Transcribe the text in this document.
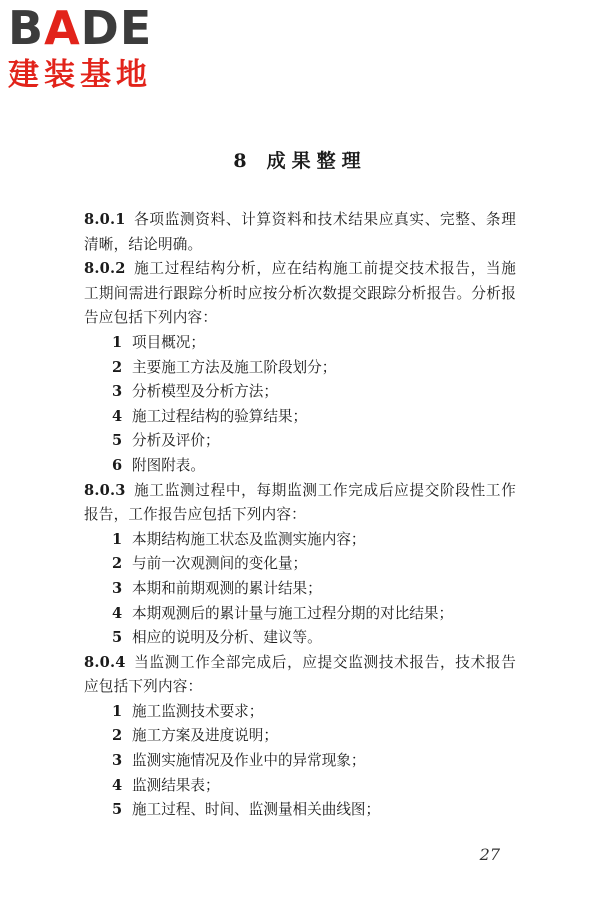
B A DE
建装基地
8 成果整理
8.0.1 各项监测资料、计算资料和技术结果应真实、完整、条理清晰，结论明确。
8.0.2 施工过程结构分析，应在结构施工前提交技术报告，当施工期间需进行跟踪分析时应按分析次数提交跟踪分析报告。分析报告应包括下列内容：
1 项目概况；
2 主要施工方法及施工阶段划分；
3 分析模型及分析方法；
4 施工过程结构的验算结果；
5 分析及评价；
6 附图附表。
8.0.3 施工监测过程中，每期监测工作完成后应提交阶段性工作报告，工作报告应包括下列内容：
1 本期结构施工状态及监测实施内容；
2 与前一次观测间的变化量；
3 本期和前期观测的累计结果；
4 本期观测后的累计量与施工过程分期的对比结果；
5 相应的说明及分析、建议等。
8.0.4 当监测工作全部完成后，应提交监测技术报告，技术报告应包括下列内容：
1 施工监测技术要求；
2 施工方案及进度说明；
3 监测实施情况及作业中的异常现象；
4 监测结果表；
5 施工过程、时间、监测量相关曲线图；
27
